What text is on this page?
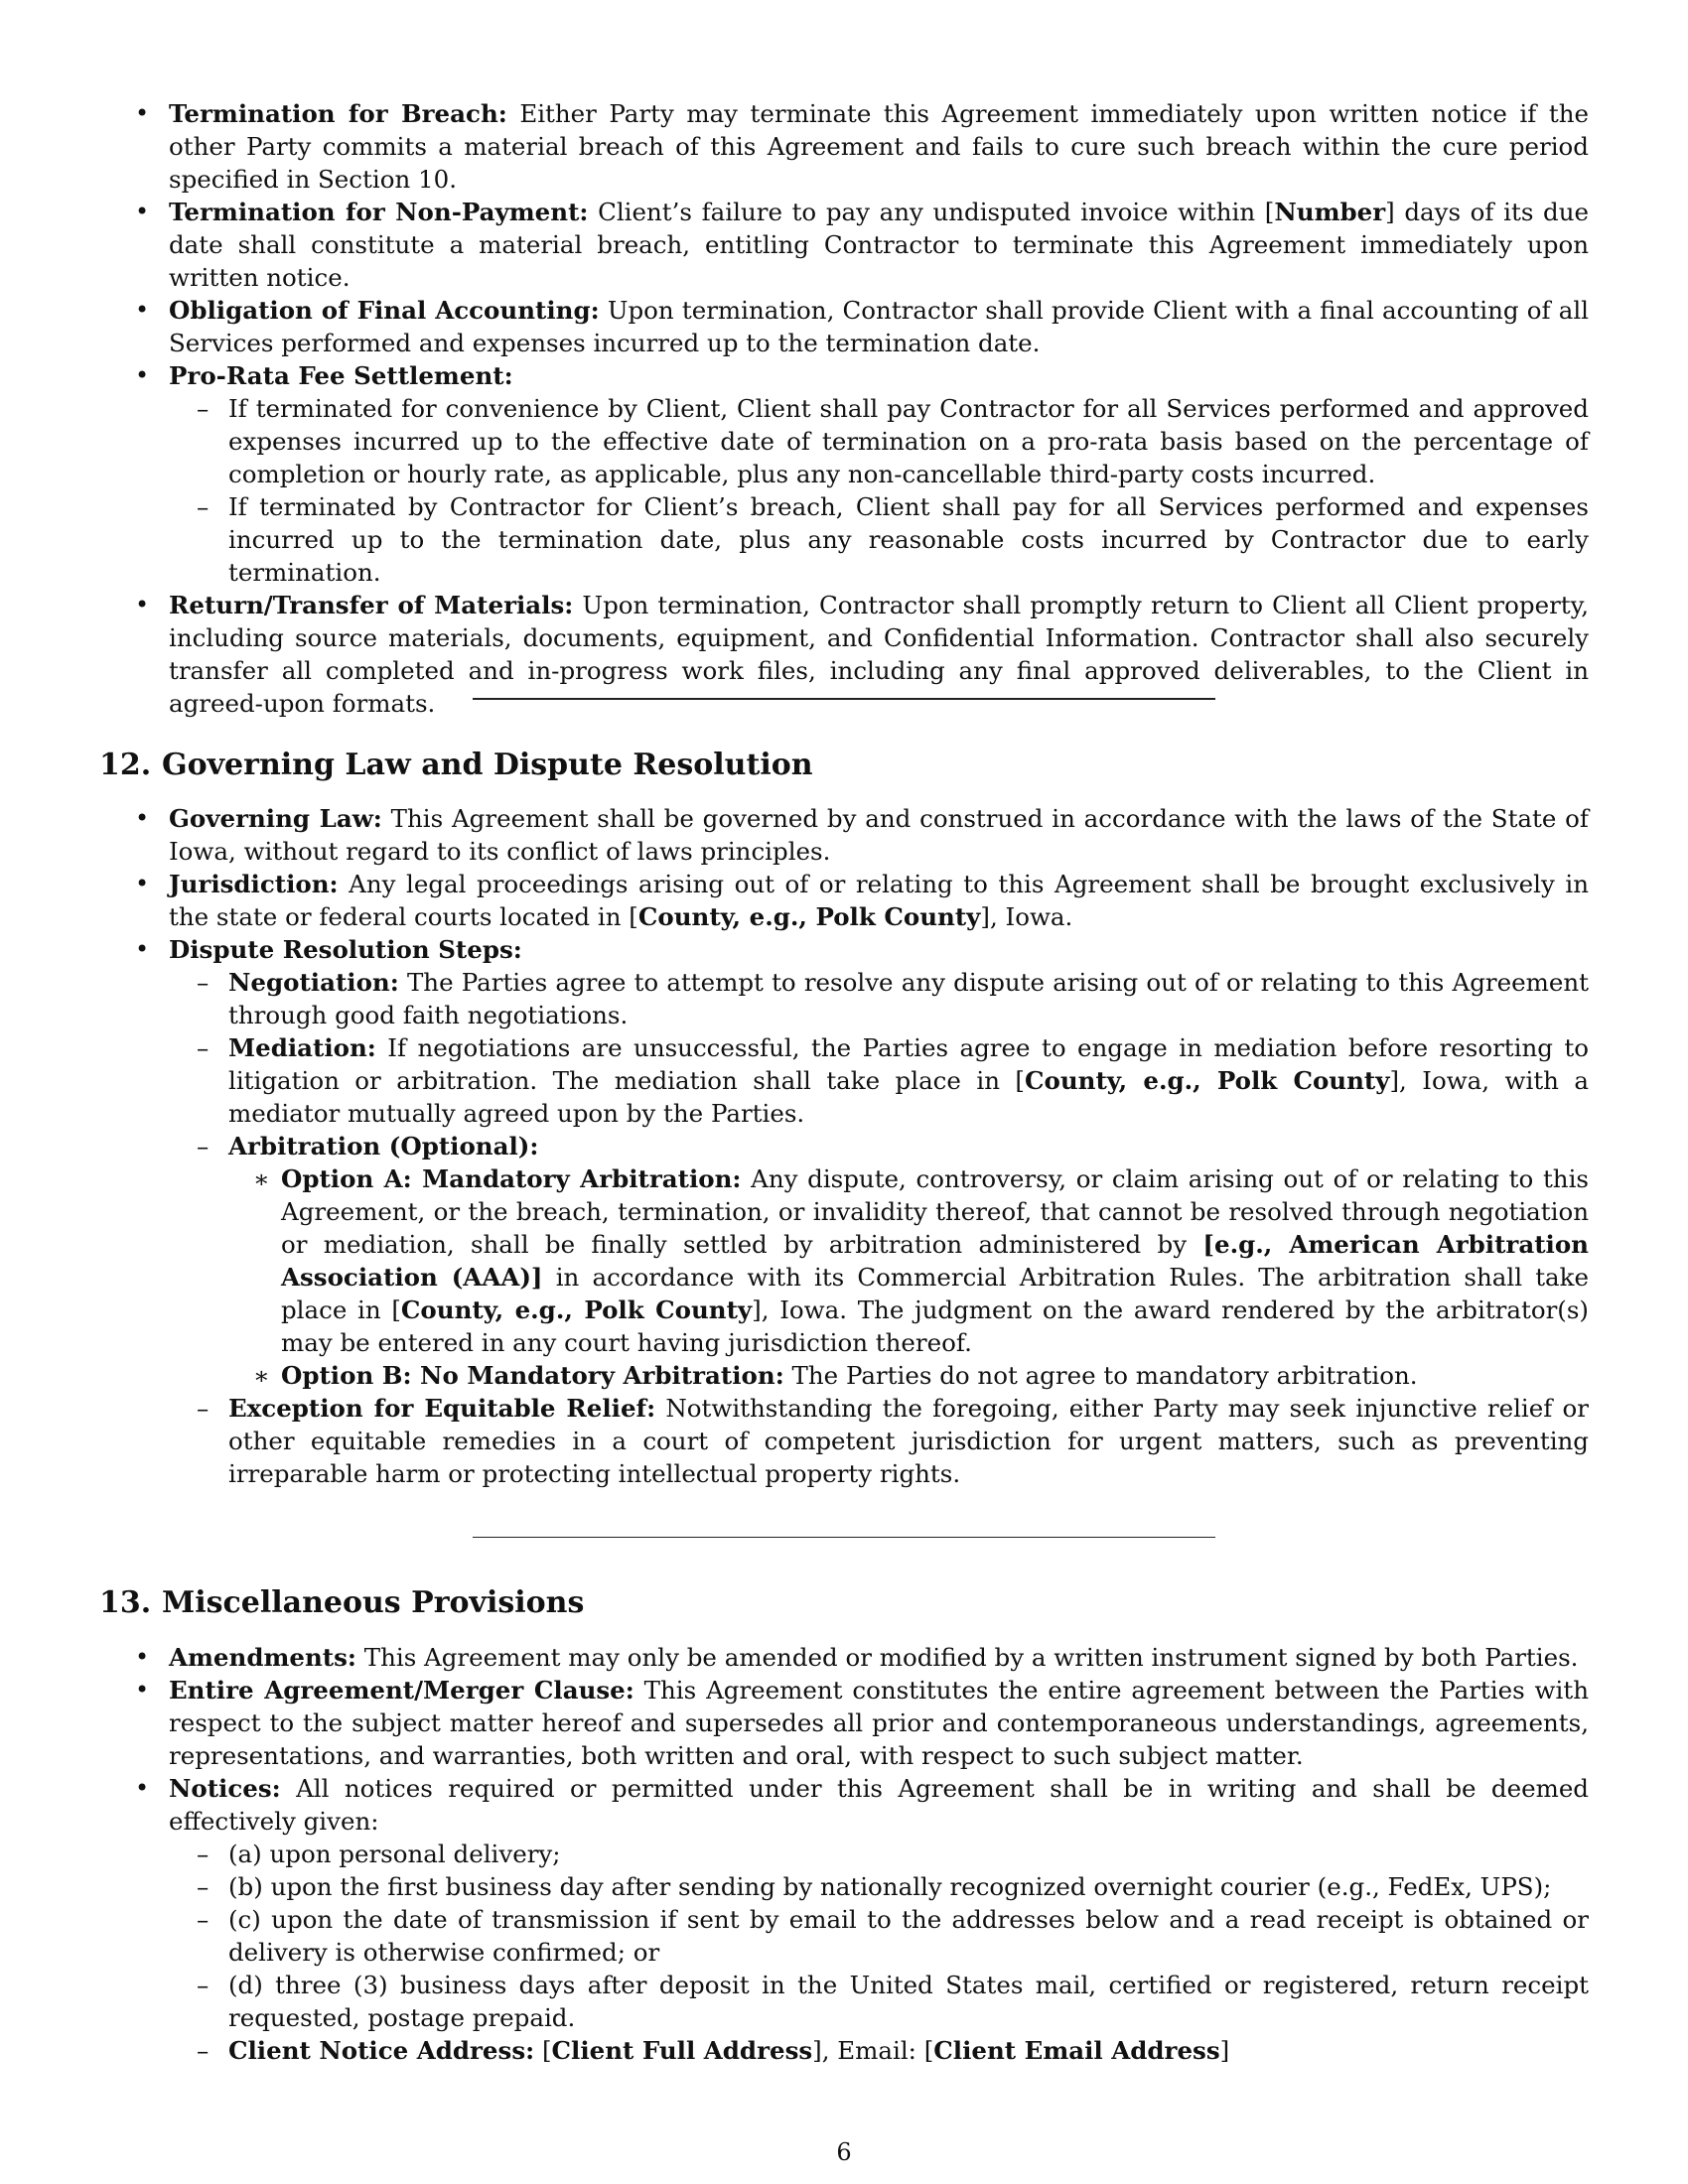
• Termination for Breach: Either Party may terminate this Agreement immediately upon written notice if the other Party commits a material breach of this Agreement and fails to cure such breach within the cure period specified in Section 10.
• Termination for Non-Payment: Client’s failure to pay any undisputed invoice within [Number] days of its due date shall constitute a material breach, entitling Contractor to terminate this Agreement immediately upon written notice.
• Obligation of Final Accounting: Upon termination, Contractor shall provide Client with a final accounting of all Services performed and expenses incurred up to the termination date.
• Pro-Rata Fee Settlement:
– If terminated for convenience by Client, Client shall pay Contractor for all Services performed and approved expenses incurred up to the effective date of termination on a pro-rata basis based on the percentage of completion or hourly rate, as applicable, plus any non-cancellable third-party costs incurred.
– If terminated by Contractor for Client’s breach, Client shall pay for all Services performed and expenses incurred up to the termination date, plus any reasonable costs incurred by Contractor due to early termination.
• Return/Transfer of Materials: Upon termination, Contractor shall promptly return to Client all Client property, including source materials, documents, equipment, and Confidential Information. Contractor shall also securely transfer all completed and in-progress work files, including any final approved deliverables, to the Client in agreed-upon formats.
12. Governing Law and Dispute Resolution
• Governing Law: This Agreement shall be governed by and construed in accordance with the laws of the State of Iowa, without regard to its conflict of laws principles.
• Jurisdiction: Any legal proceedings arising out of or relating to this Agreement shall be brought exclusively in the state or federal courts located in [County, e.g., Polk County], Iowa.
• Dispute Resolution Steps:
– Negotiation: The Parties agree to attempt to resolve any dispute arising out of or relating to this Agreement through good faith negotiations.
– Mediation: If negotiations are unsuccessful, the Parties agree to engage in mediation before resorting to litigation or arbitration. The mediation shall take place in [County, e.g., Polk County], Iowa, with a mediator mutually agreed upon by the Parties.
– Arbitration (Optional):
∗ Option A: Mandatory Arbitration: Any dispute, controversy, or claim arising out of or relating to this Agreement, or the breach, termination, or invalidity thereof, that cannot be resolved through negotiation or mediation, shall be finally settled by arbitration administered by [e.g., American Arbitration Association (AAA)] in accordance with its Commercial Arbitration Rules. The arbitration shall take place in [County, e.g., Polk County], Iowa. The judgment on the award rendered by the arbitrator(s) may be entered in any court having jurisdiction thereof.
∗ Option B: No Mandatory Arbitration: The Parties do not agree to mandatory arbitration.
– Exception for Equitable Relief: Notwithstanding the foregoing, either Party may seek injunctive relief or other equitable remedies in a court of competent jurisdiction for urgent matters, such as preventing irreparable harm or protecting intellectual property rights.
13. Miscellaneous Provisions
• Amendments: This Agreement may only be amended or modified by a written instrument signed by both Parties.
• Entire Agreement/Merger Clause: This Agreement constitutes the entire agreement between the Parties with respect to the subject matter hereof and supersedes all prior and contemporaneous understandings, agreements, representations, and warranties, both written and oral, with respect to such subject matter.
• Notices: All notices required or permitted under this Agreement shall be in writing and shall be deemed effectively given:
– (a) upon personal delivery;
– (b) upon the first business day after sending by nationally recognized overnight courier (e.g., FedEx, UPS);
– (c) upon the date of transmission if sent by email to the addresses below and a read receipt is obtained or delivery is otherwise confirmed; or
– (d) three (3) business days after deposit in the United States mail, certified or registered, return receipt requested, postage prepaid.
– Client Notice Address: [Client Full Address], Email: [Client Email Address]
6
